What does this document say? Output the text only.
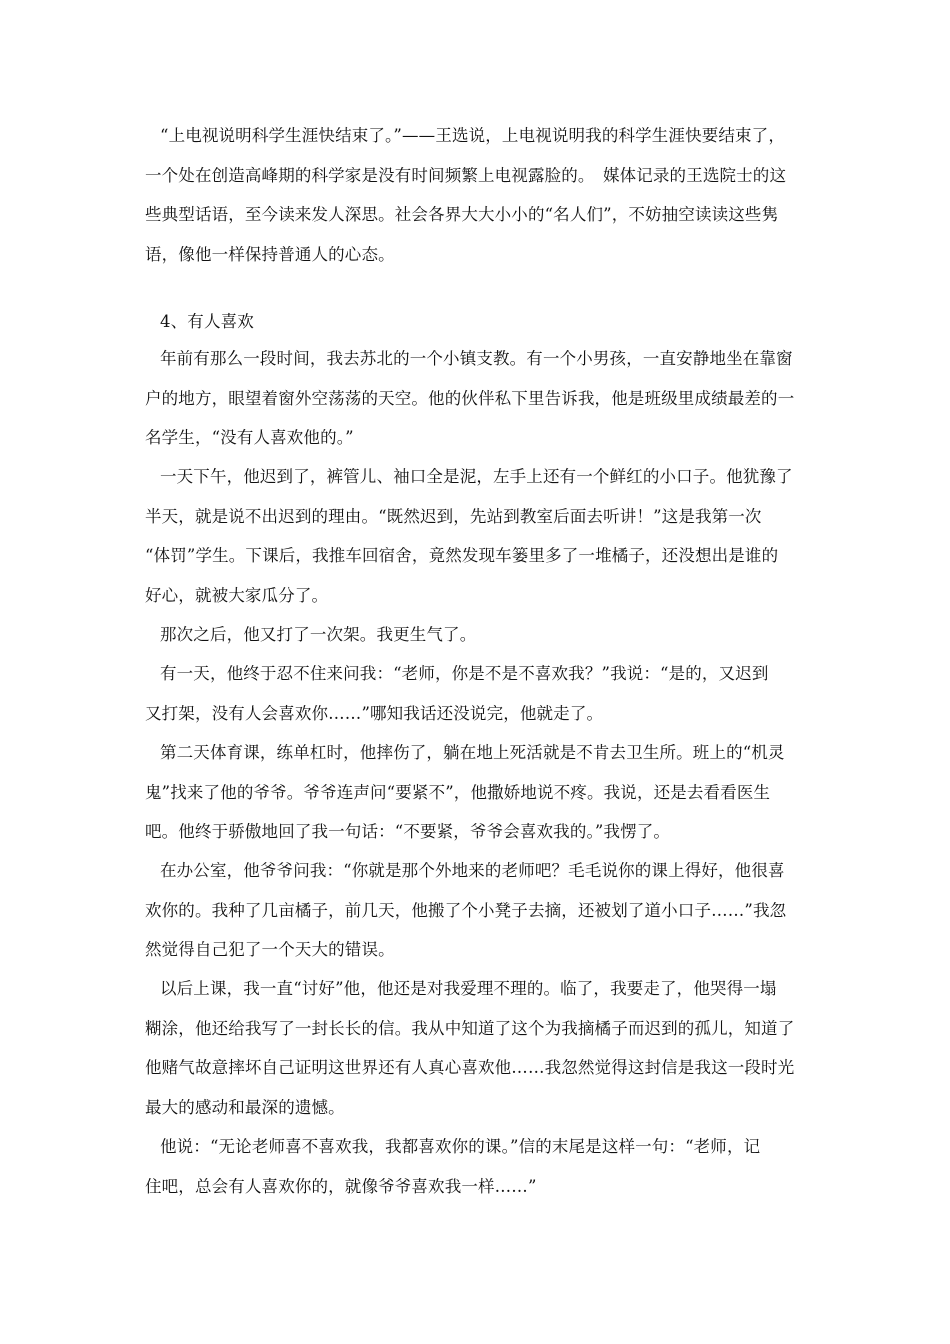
“上电视说明科学生涯快结束了。”——王选说，上电视说明我的科学生涯快要结束了，
一个处在创造高峰期的科学家是没有时间频繁上电视露脸的。　媒体记录的王选院士的这
些典型话语，至今读来发人深思。社会各界大大小小的“名人们”，不妨抽空读读这些隽
语，像他一样保持普通人的心态。
4、有人喜欢
年前有那么一段时间，我去苏北的一个小镇支教。有一个小男孩，一直安静地坐在靠窗
户的地方，眼望着窗外空荡荡的天空。他的伙伴私下里告诉我，他是班级里成绩最差的一
名学生，“没有人喜欢他的。”
一天下午，他迟到了，裤管儿、袖口全是泥，左手上还有一个鲜红的小口子。他犹豫了
半天，就是说不出迟到的理由。“既然迟到，先站到教室后面去听讲！”这是我第一次
“体罚”学生。下课后，我推车回宿舍，竟然发现车篓里多了一堆橘子，还没想出是谁的
好心，就被大家瓜分了。
那次之后，他又打了一次架。我更生气了。
有一天，他终于忍不住来问我：“老师，你是不是不喜欢我？”我说：“是的，又迟到
又打架，没有人会喜欢你……”哪知我话还没说完，他就走了。
第二天体育课，练单杠时，他摔伤了，躺在地上死活就是不肯去卫生所。班上的“机灵
鬼”找来了他的爷爷。爷爷连声问“要紧不”，他撒娇地说不疼。我说，还是去看看医生
吧。他终于骄傲地回了我一句话：“不要紧，爷爷会喜欢我的。”我愣了。
在办公室，他爷爷问我：“你就是那个外地来的老师吧？毛毛说你的课上得好，他很喜
欢你的。我种了几亩橘子，前几天，他搬了个小凳子去摘，还被划了道小口子……”我忽
然觉得自己犯了一个天大的错误。
以后上课，我一直“讨好”他，他还是对我爱理不理的。临了，我要走了，他哭得一塌
糊涂，他还给我写了一封长长的信。我从中知道了这个为我摘橘子而迟到的孤儿，知道了
他赌气故意摔坏自己证明这世界还有人真心喜欢他……我忽然觉得这封信是我这一段时光
最大的感动和最深的遗憾。
他说：“无论老师喜不喜欢我，我都喜欢你的课。”信的末尾是这样一句：“老师，记
住吧，总会有人喜欢你的，就像爷爷喜欢我一样……”
